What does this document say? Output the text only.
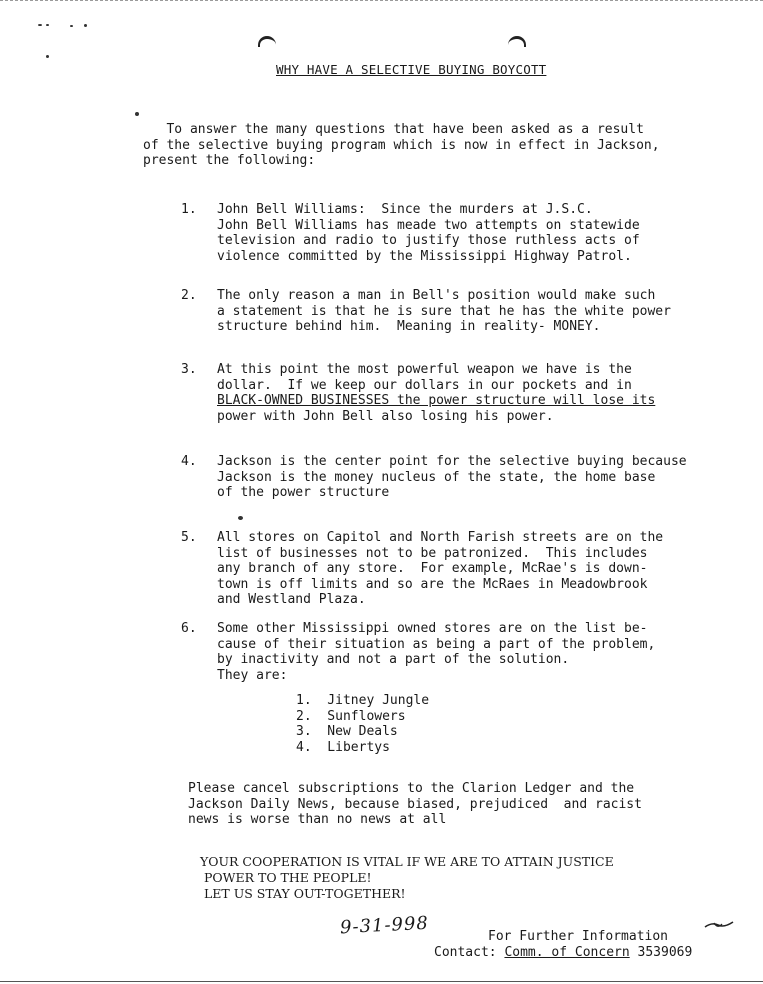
WHY HAVE A SELECTIVE BUYING BOYCOTT
To answer the many questions that have been asked as a result
of the selective buying program which is now in effect in Jackson,
present the following:
1. John Bell Williams:  Since the murders at J.S.C.
John Bell Williams has meade two attempts on statewide
television and radio to justify those ruthless acts of
violence committed by the Mississippi Highway Patrol.
2. The only reason a man in Bell's position would make such
a statement is that he is sure that he has the white power
structure behind him.  Meaning in reality- MONEY.
3. At this point the most powerful weapon we have is the
dollar.  If we keep our dollars in our pockets and in
BLACK-OWNED BUSINESSES the power structure will lose its
power with John Bell also losing his power.
4. Jackson is the center point for the selective buying because
Jackson is the money nucleus of the state, the home base
of the power structure
5. All stores on Capitol and North Farish streets are on the
list of businesses not to be patronized.  This includes
any branch of any store.  For example, McRae's is down-
town is off limits and so are the McRaes in Meadowbrook
and Westland Plaza.
6. Some other Mississippi owned stores are on the list be-
cause of their situation as being a part of the problem,
by inactivity and not a part of the solution.
They are:
1.  Jitney Jungle
2.  Sunflowers
3.  New Deals
4.  Libertys
Please cancel subscriptions to the Clarion Ledger and the
Jackson Daily News, because biased, prejudiced  and racist
news is worse than no news at all
YOUR COOPERATION IS VITAL IF WE ARE TO ATTAIN JUSTICE
POWER TO THE PEOPLE!
LET US STAY OUT-TOGETHER!
9-31-998	For Further Information
Contact: Comm. of Concern 3539069
